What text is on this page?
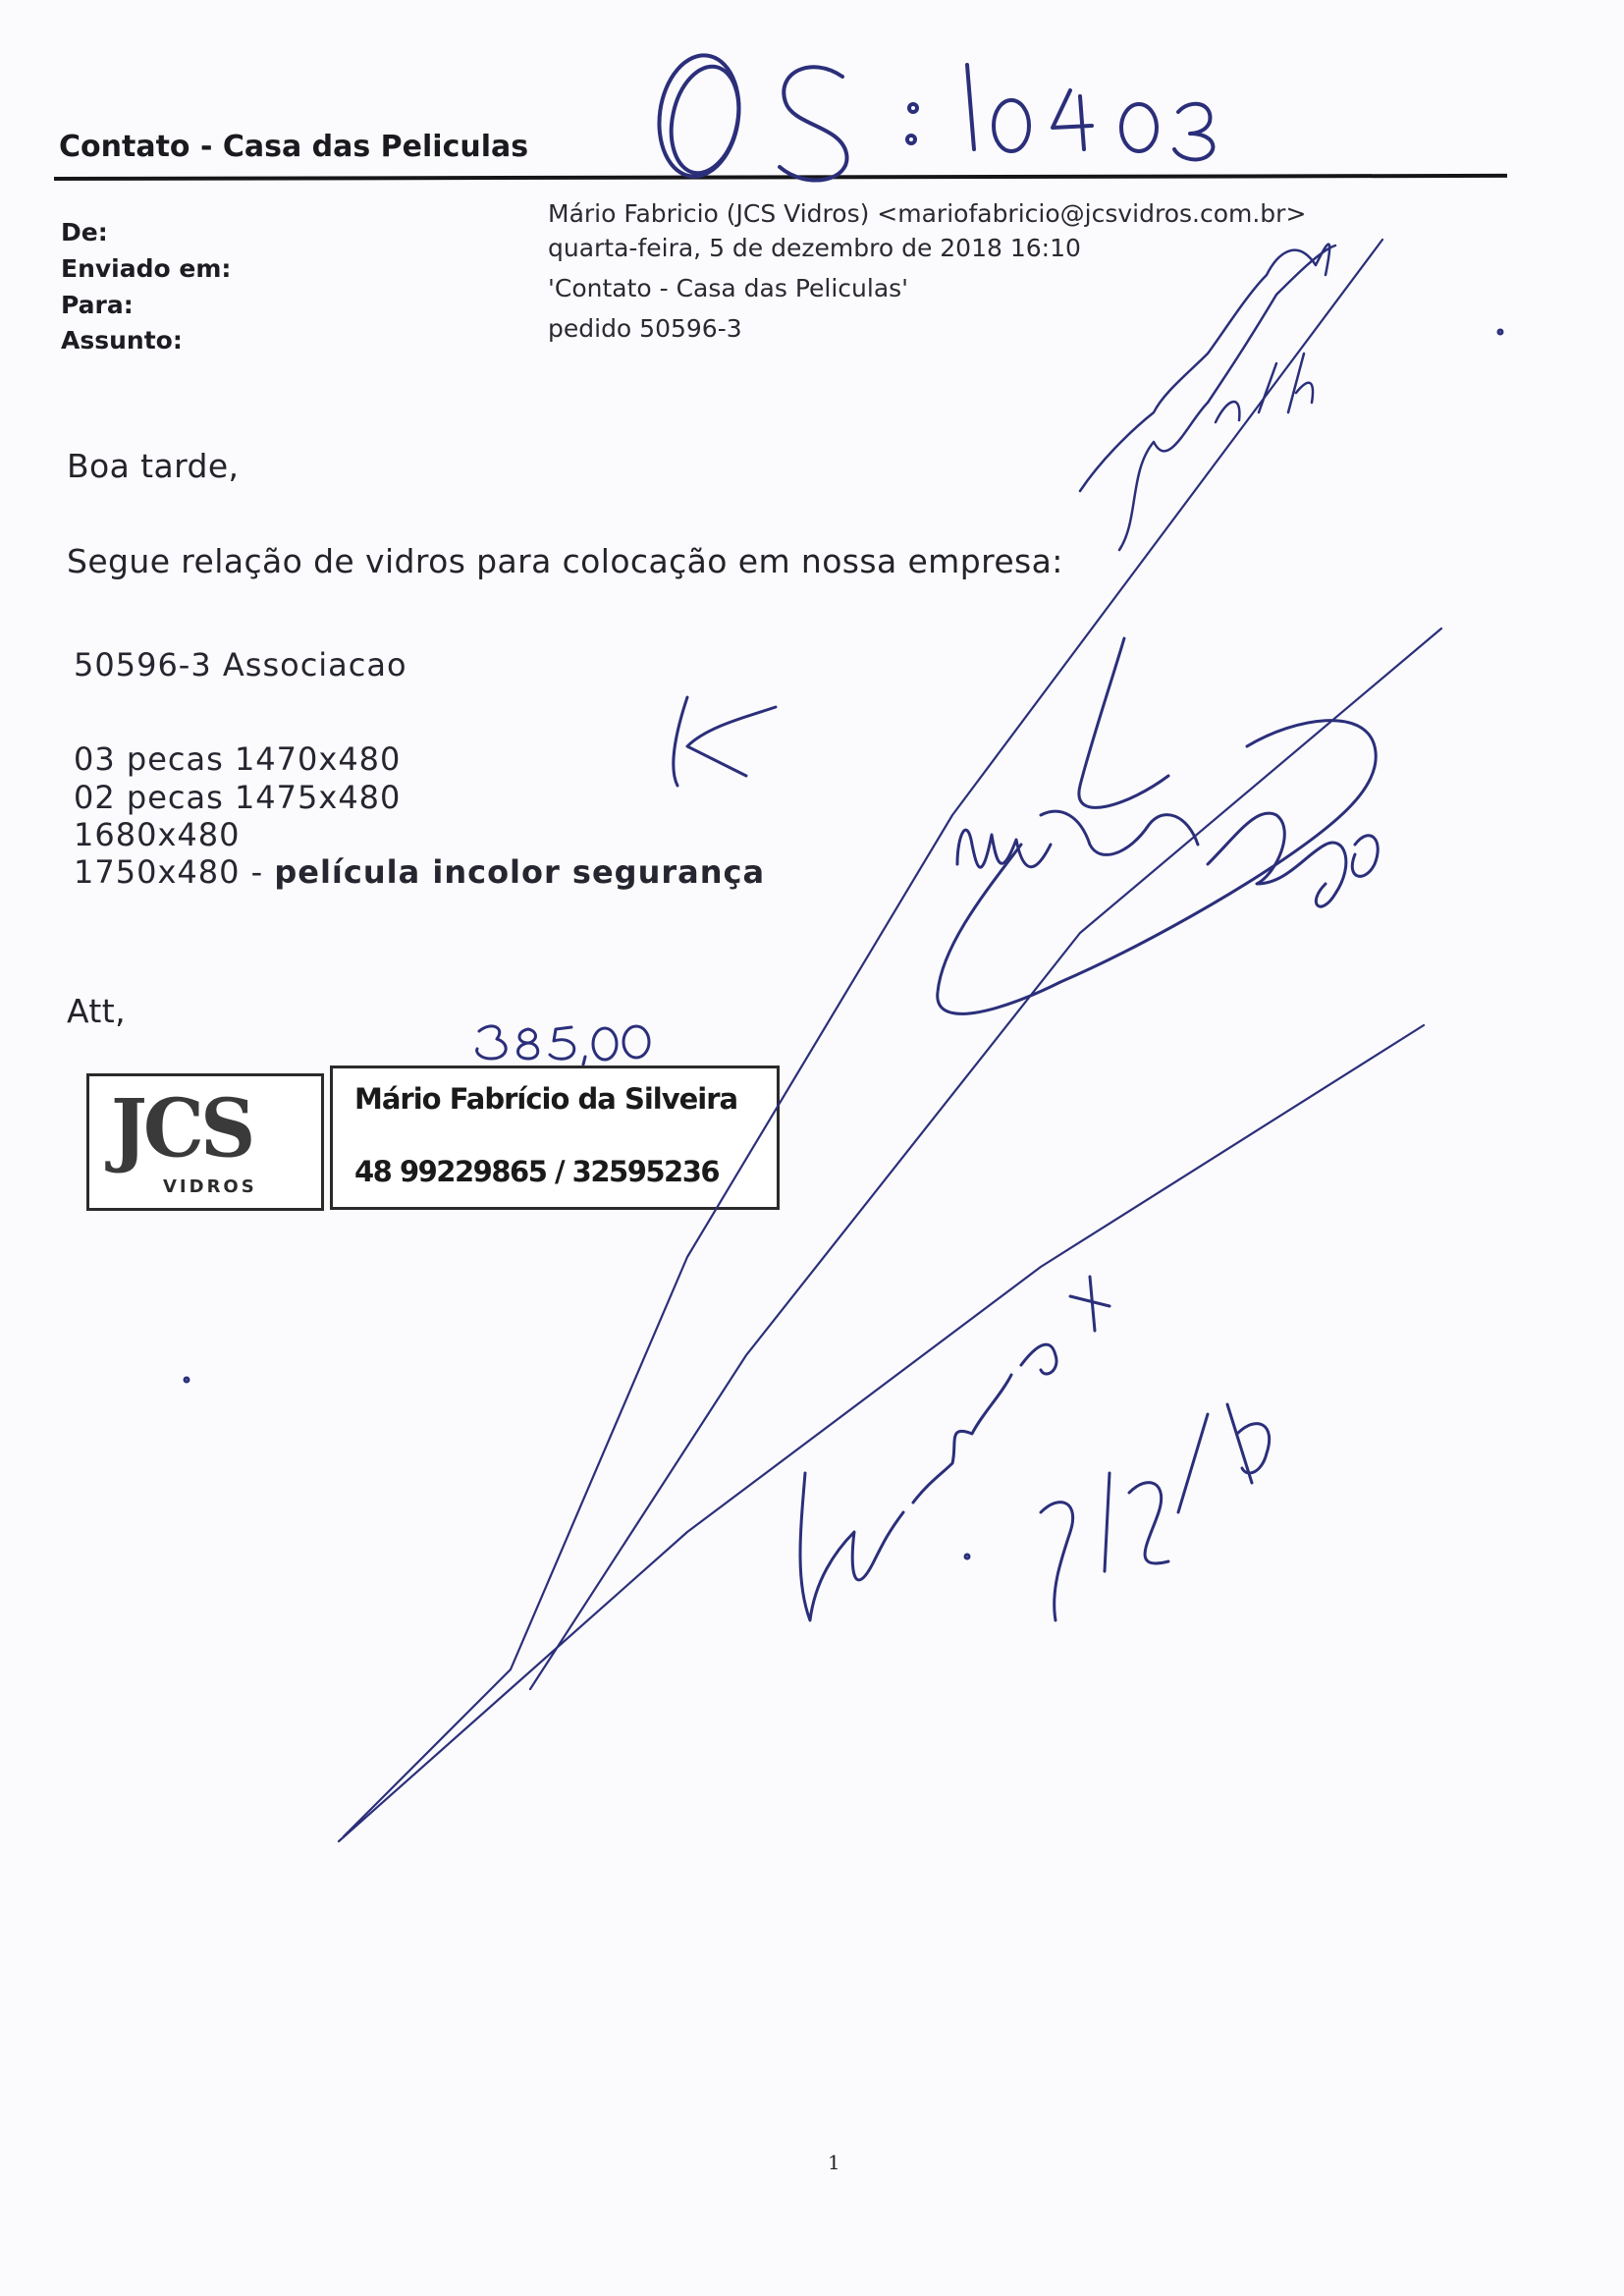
Contato - Casa das Peliculas
De:
Enviado em:
Para:
Assunto:
Mário Fabricio (JCS Vidros) <mariofabricio@jcsvidros.com.br>
quarta-feira, 5 de dezembro de 2018 16:10
'Contato - Casa das Peliculas'
pedido 50596-3
Boa tarde,
Segue relação de vidros para colocação em nossa empresa:
50596-3 Associacao
03 pecas 1470x480
02 pecas 1475x480
1680x480
1750x480 - película incolor segurança
Att,
JCS
VIDROS
Mário Fabrício da Silveira
48 99229865 / 32595236
1
